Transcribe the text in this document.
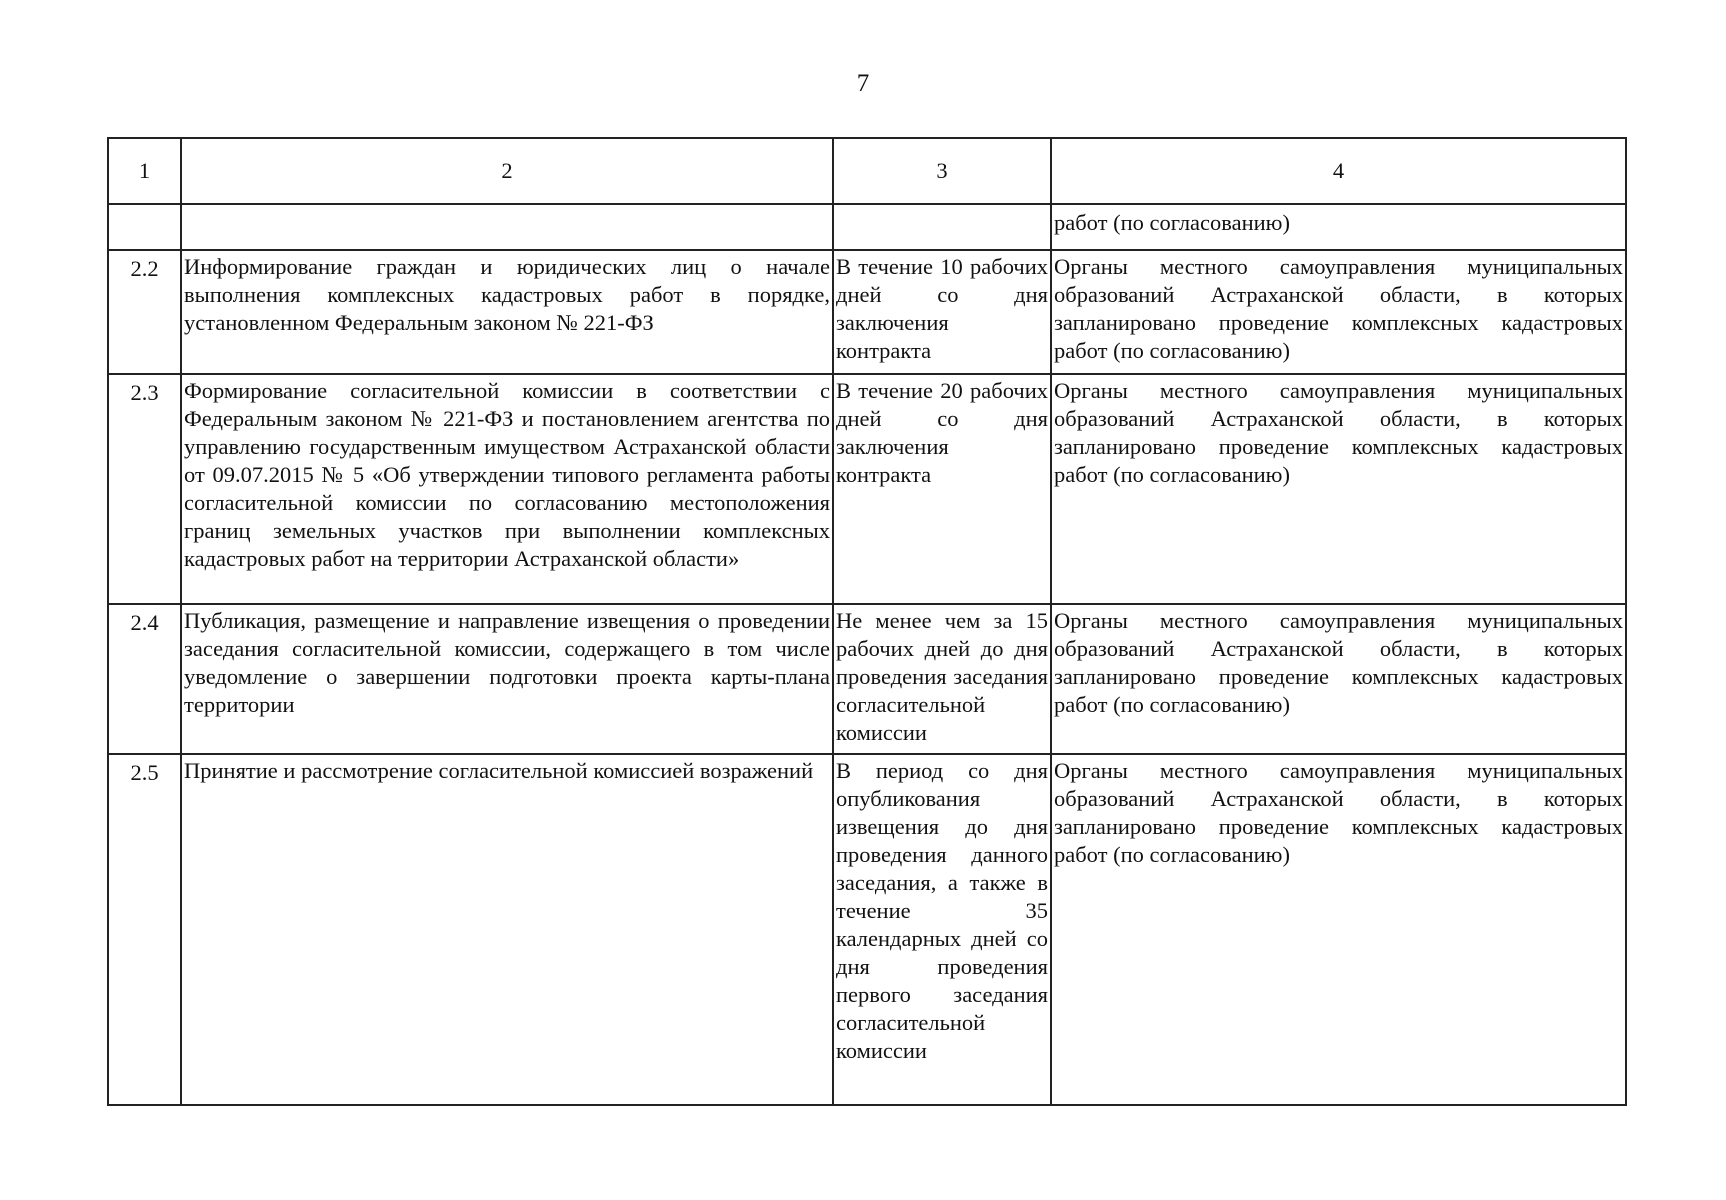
7
1	2	3	4
			работ (по согласованию)
2.2	Информирование граждан и юридических лиц о начале выполнения комплексных кадастровых работ в порядке, установленном Федеральным законом № 221-ФЗ	В течение 10 рабочих дней со дня заключения контракта	Органы местного самоуправления муниципальных образований Астраханской области, в которых запланировано проведение комплексных кадастровых работ (по согласованию)
2.3	Формирование согласительной комиссии в соответствии с Федеральным законом № 221-ФЗ и постановлением агентства по управлению государственным имуществом Астраханской области от 09.07.2015 № 5 «Об утверждении типового регламента работы согласительной комиссии по согласованию местоположения границ земельных участков при выполнении комплексных кадастровых работ на территории Астраханской области»	В течение 20 рабочих дней со дня заключения контракта	Органы местного самоуправления муниципальных образований Астраханской области, в которых запланировано проведение комплексных кадастровых работ (по согласованию)
2.4	Публикация, размещение и направление извещения о проведении заседания согласительной комиссии, содержащего в том числе уведомление о завершении подготовки проекта карты-плана территории	Не менее чем за 15 рабочих дней до дня проведения заседания согласительной комиссии	Органы местного самоуправления муниципальных образований Астраханской области, в которых запланировано проведение комплексных кадастровых работ (по согласованию)
2.5	Принятие и рассмотрение согласительной комиссией возражений	В период со дня опубликования извещения до дня проведения данного заседания, а также в течение 35 календарных дней со дня проведения первого заседания согласительной комиссии	Органы местного самоуправления муниципальных образований Астраханской области, в которых запланировано проведение комплексных кадастровых работ (по согласованию)
